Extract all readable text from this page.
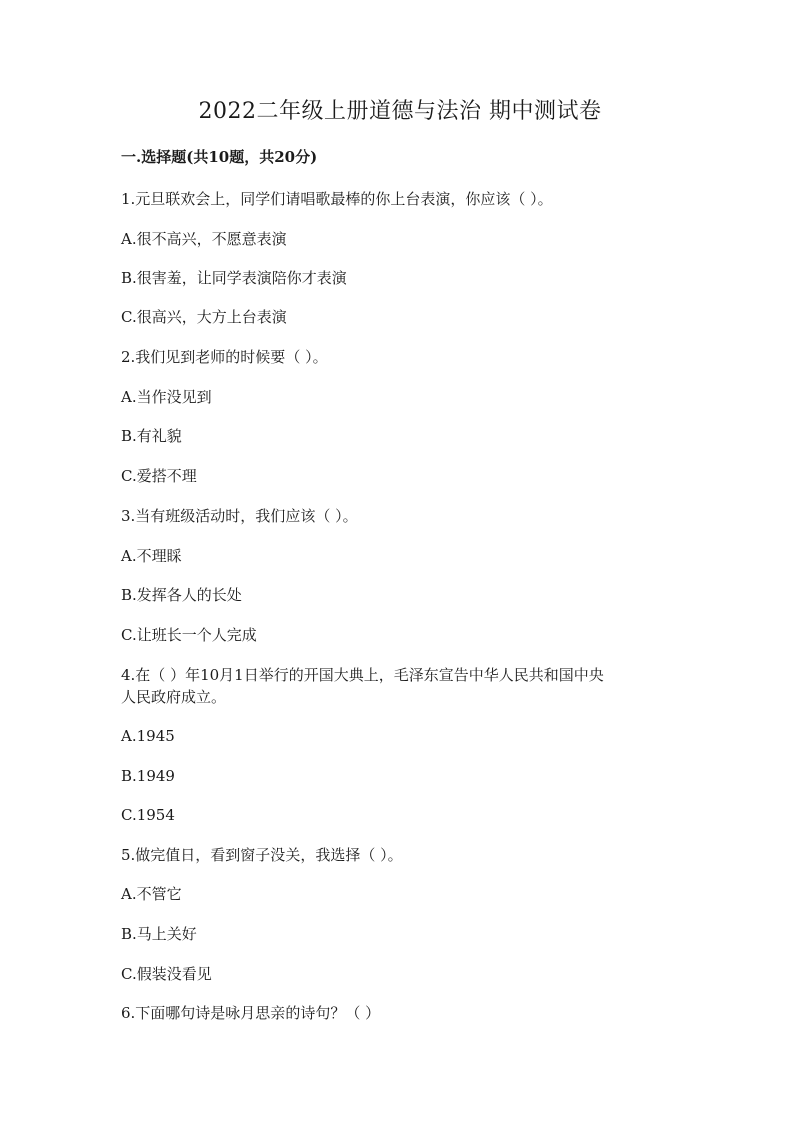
2022二年级上册道德与法治 期中测试卷
一.选择题(共10题，共20分)
1.元旦联欢会上，同学们请唱歌最棒的你上台表演，你应该（ ）。
A.很不高兴，不愿意表演
B.很害羞，让同学表演陪你才表演
C.很高兴，大方上台表演
2.我们见到老师的时候要（ ）。
A.当作没见到
B.有礼貌
C.爱搭不理
3.当有班级活动时，我们应该（ ）。
A.不理睬
B.发挥各人的长处
C.让班长一个人完成
4.在（ ）年10月1日举行的开国大典上，毛泽东宣告中华人民共和国中央
人民政府成立。
A.1945
B.1949
C.1954
5.做完值日，看到窗子没关，我选择（ ）。
A.不管它
B.马上关好
C.假装没看见
6.下面哪句诗是咏月思亲的诗句？（ ）
